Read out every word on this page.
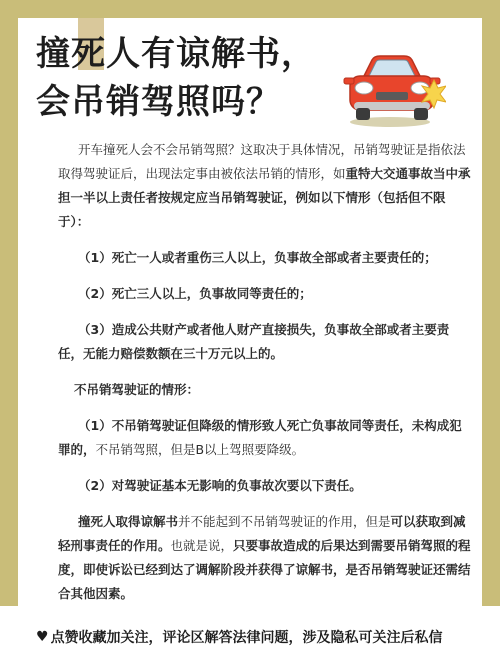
撞死人有谅解书，
会吊销驾照吗？

开车撞死人会不会吊销驾照？这取决于具体情况，吊销驾驶证是指依法取得驾驶证后，出现法定事由被依法吊销的情形，如重特大交通事故当中承担一半以上责任者按规定应当吊销驾驶证，例如以下情形（包括但不限于）：

（1）死亡一人或者重伤三人以上，负事故全部或者主要责任的；

（2）死亡三人以上，负事故同等责任的；

（3）造成公共财产或者他人财产直接损失，负事故全部或者主要责任，无能力赔偿数额在三十万元以上的。

不吊销驾驶证的情形：

（1）不吊销驾驶证但降级的情形致人死亡负事故同等责任，未构成犯罪的，不吊销驾照，但是B以上驾照要降级。

（2）对驾驶证基本无影响的负事故次要以下责任。

撞死人取得谅解书并不能起到不吊销驾驶证的作用，但是可以获取到减轻刑事责任的作用。也就是说，只要事故造成的后果达到需要吊销驾照的程度，即使诉讼已经到达了调解阶段并获得了谅解书，是否吊销驾驶证还需结合其他因素。

♥ 点赞收藏加关注，评论区解答法律问题，涉及隐私可关注后私信
